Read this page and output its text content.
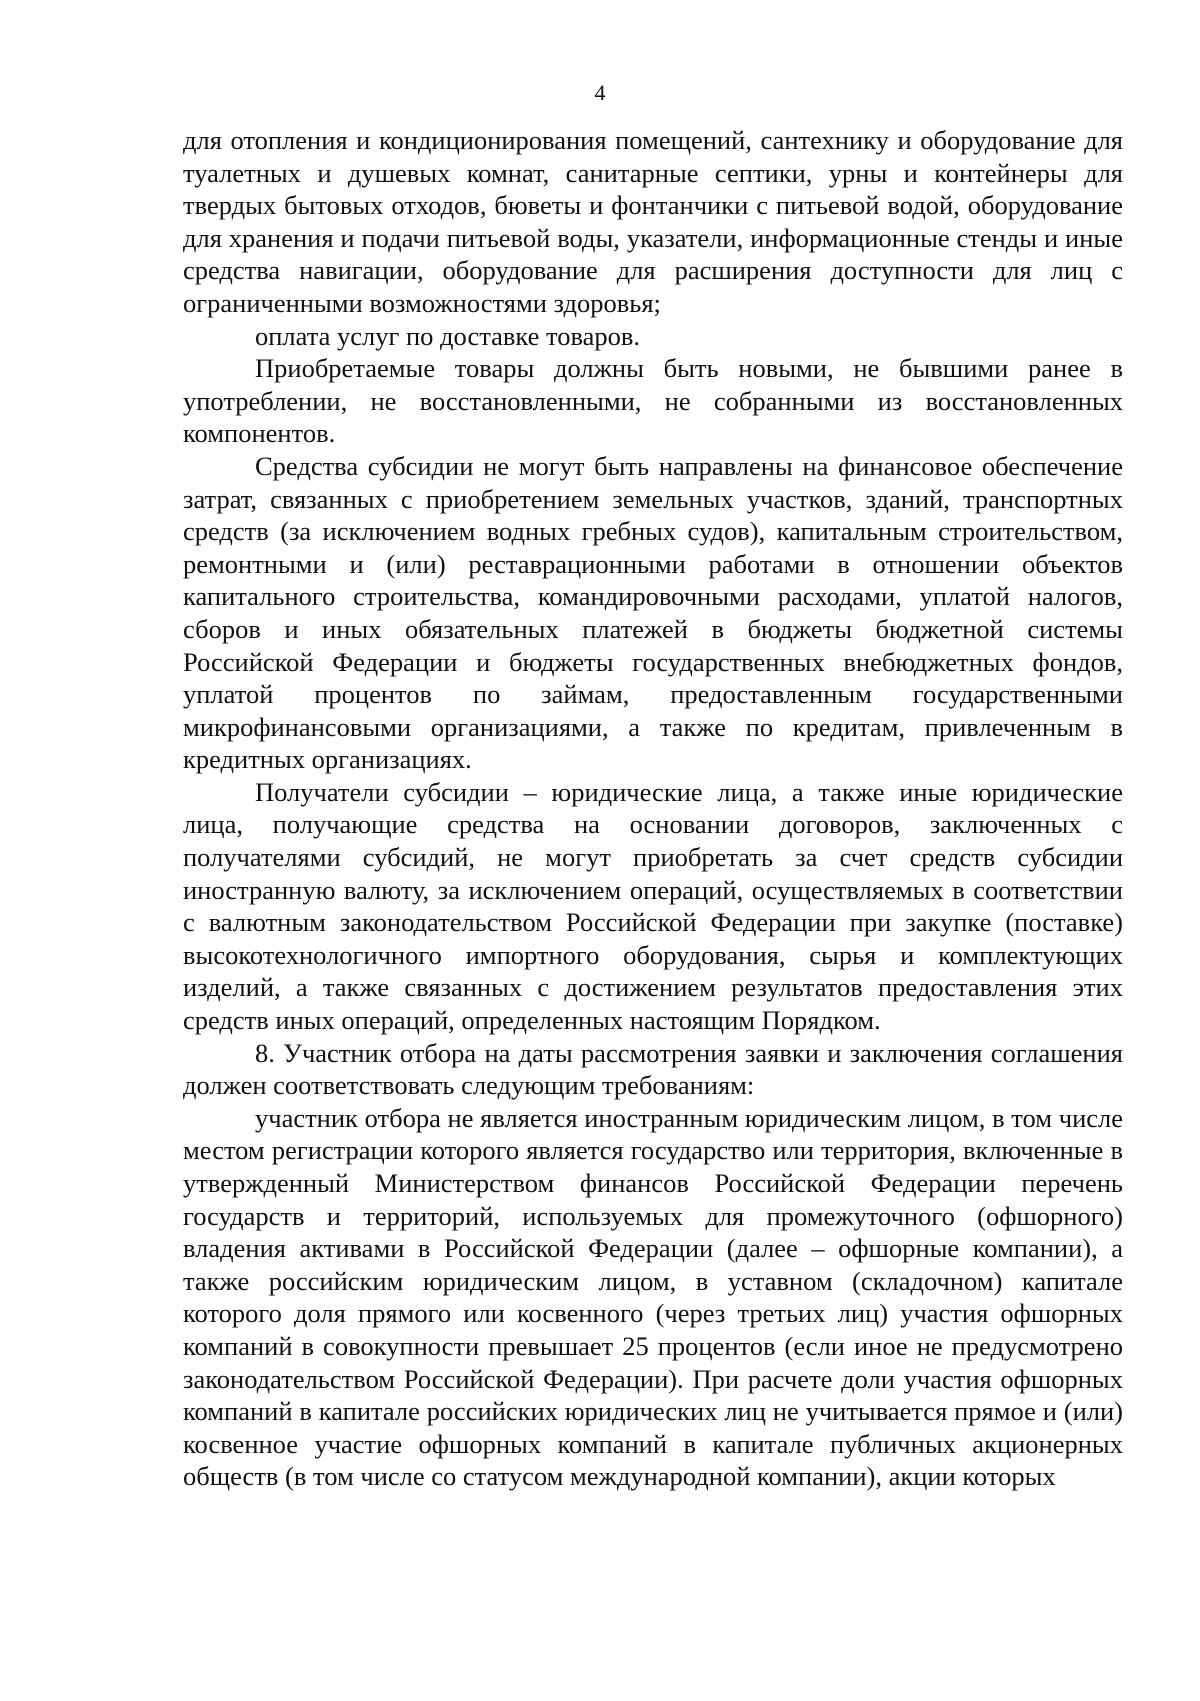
4

для отопления и кондиционирования помещений, сантехнику и оборудование для туалетных и душевых комнат, санитарные септики, урны и контейнеры для твердых бытовых отходов, бюветы и фонтанчики с питьевой водой, оборудование для хранения и подачи питьевой воды, указатели, информационные стенды и иные средства навигации, оборудование для расширения доступности для лиц с ограниченными возможностями здоровья;

оплата услуг по доставке товаров.

Приобретаемые товары должны быть новыми, не бывшими ранее в употреблении, не восстановленными, не собранными из восстановленных компонентов.

Средства субсидии не могут быть направлены на финансовое обеспечение затрат, связанных с приобретением земельных участков, зданий, транспортных средств (за исключением водных гребных судов), капитальным строительством, ремонтными и (или) реставрационными работами в отношении объектов капитального строительства, командировочными расходами, уплатой налогов, сборов и иных обязательных платежей в бюджеты бюджетной системы Российской Федерации и бюджеты государственных внебюджетных фондов, уплатой процентов по займам, предоставленным государственными микрофинансовыми организациями, а также по кредитам, привлеченным в кредитных организациях.

Получатели субсидии – юридические лица, а также иные юридические лица, получающие средства на основании договоров, заключенных с получателями субсидий, не могут приобретать за счет средств субсидии иностранную валюту, за исключением операций, осуществляемых в соответствии с валютным законодательством Российской Федерации при закупке (поставке) высокотехнологичного импортного оборудования, сырья и комплектующих изделий, а также связанных с достижением результатов предоставления этих средств иных операций, определенных настоящим Порядком.

8. Участник отбора на даты рассмотрения заявки и заключения соглашения должен соответствовать следующим требованиям:

участник отбора не является иностранным юридическим лицом, в том числе местом регистрации которого является государство или территория, включенные в утвержденный Министерством финансов Российской Федерации перечень государств и территорий, используемых для промежуточного (офшорного) владения активами в Российской Федерации (далее – офшорные компании), а также российским юридическим лицом, в уставном (складочном) капитале которого доля прямого или косвенного (через третьих лиц) участия офшорных компаний в совокупности превышает 25 процентов (если иное не предусмотрено законодательством Российской Федерации). При расчете доли участия офшорных компаний в капитале российских юридических лиц не учитывается прямое и (или) косвенное участие офшорных компаний в капитале публичных акционерных обществ (в том числе со статусом международной компании), акции которых
